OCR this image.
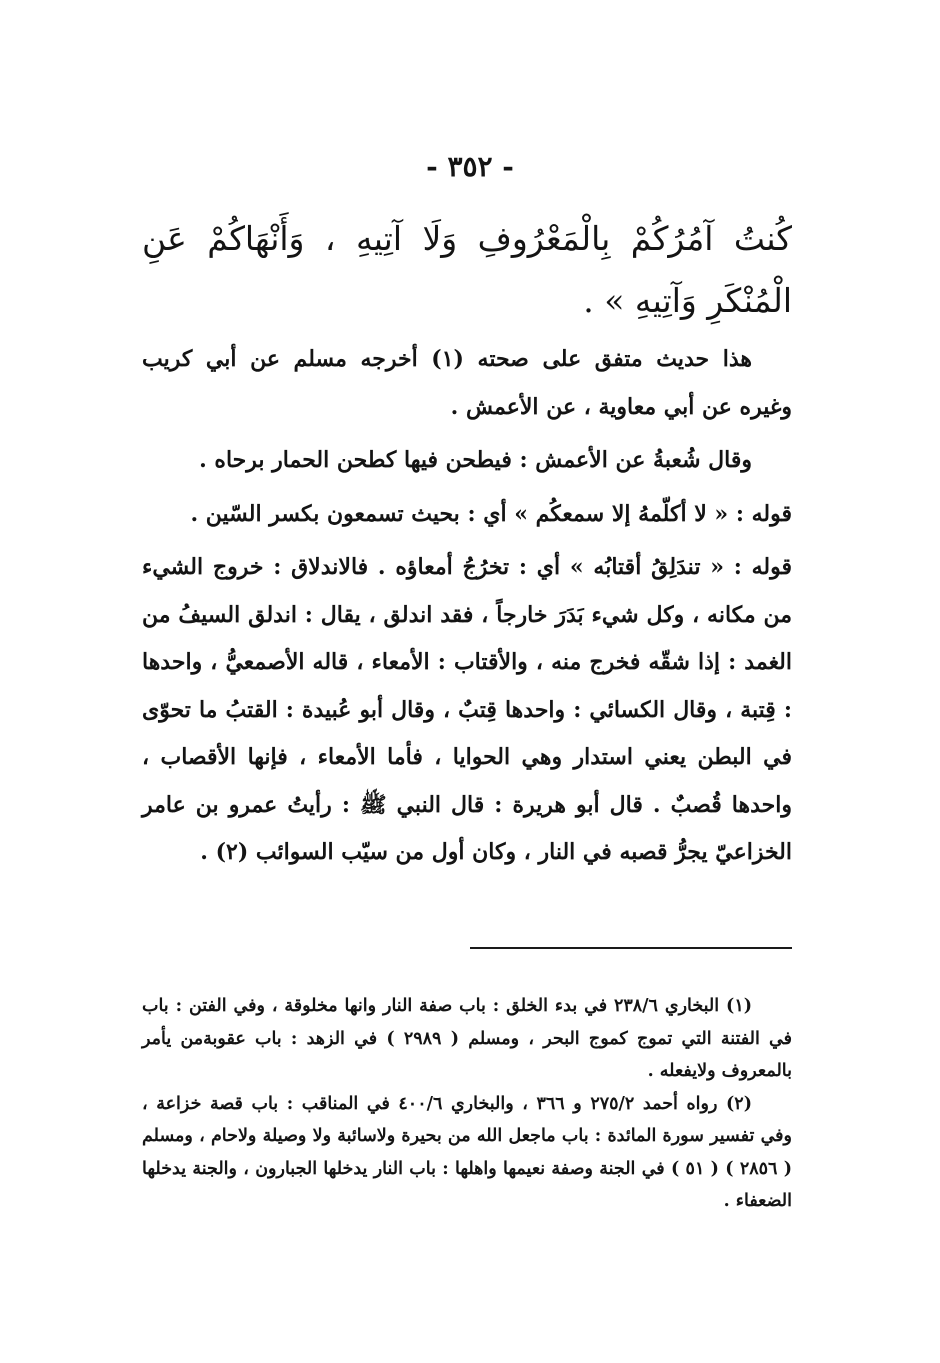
- ٣٥٢ -
كُنتُ آمُرُكُمْ بِالْمَعْرُوفِ وَلَا آتِيهِ ، وَأَنْهَاكُمْ عَنِ الْمُنْكَرِ وَآتِيهِ » .

هذا حديث متفق على صحته (١) أخرجه مسلم عن أبي كريب وغيره عن أبي معاوية ، عن الأعمش .

وقال شُعبةُ عن الأعمش : فيطحن فيها كطحن الحمار برحاه .

قوله : « لا أكلّمهُ إلا سمعكُم » أي : بحيث تسمعون بكسر السّين .

قوله : « تندَلِقُ أقتابُه » أي : تخرُجُ أمعاؤه . فالاندلاق : خروج الشيء من مكانه ، وكل شيء بَدَرَ خارجاً ، فقد اندلق ، يقال : اندلق السيفُ من الغمد : إذا شقّه فخرج منه ، والأقتاب : الأمعاء ، قاله الأصمعيُّ ، واحدها : قِتبة ، وقال الكسائي : واحدها قِتبٌ ، وقال أبو عُبيدة : القتبُ ما تحوّى في البطن يعني استدار وهي الحوايا ، فأما الأمعاء ، فإنها الأقصاب ، واحدها قُصبٌ . قال أبو هريرة : قال النبي ﷺ : رأيتُ عمرو بن عامر الخزاعيّ يجرُّ قصبه في النار ، وكان أول من سيّب السوائب (٢) .

(١) البخاري ٢٣٨/٦ في بدء الخلق : باب صفة النار وانها مخلوقة ، وفي الفتن : باب في الفتنة التي تموج كموج البحر ، ومسلم ( ٢٩٨٩ ) في الزهد : باب عقوبةمن يأمر بالمعروف ولايفعله .

(٢) رواه أحمد ٢٧٥/٢ و ٣٦٦ ، والبخاري ٤٠٠/٦ في المناقب : باب قصة خزاعة ، وفي تفسير سورة المائدة : باب ماجعل الله من بحيرة ولاسائبة ولا وصيلة ولاحام ، ومسلم ( ٢٨٥٦ ) ( ٥١ ) في الجنة وصفة نعيمها واهلها : باب النار يدخلها الجبارون ، والجنة يدخلها الضعفاء .
